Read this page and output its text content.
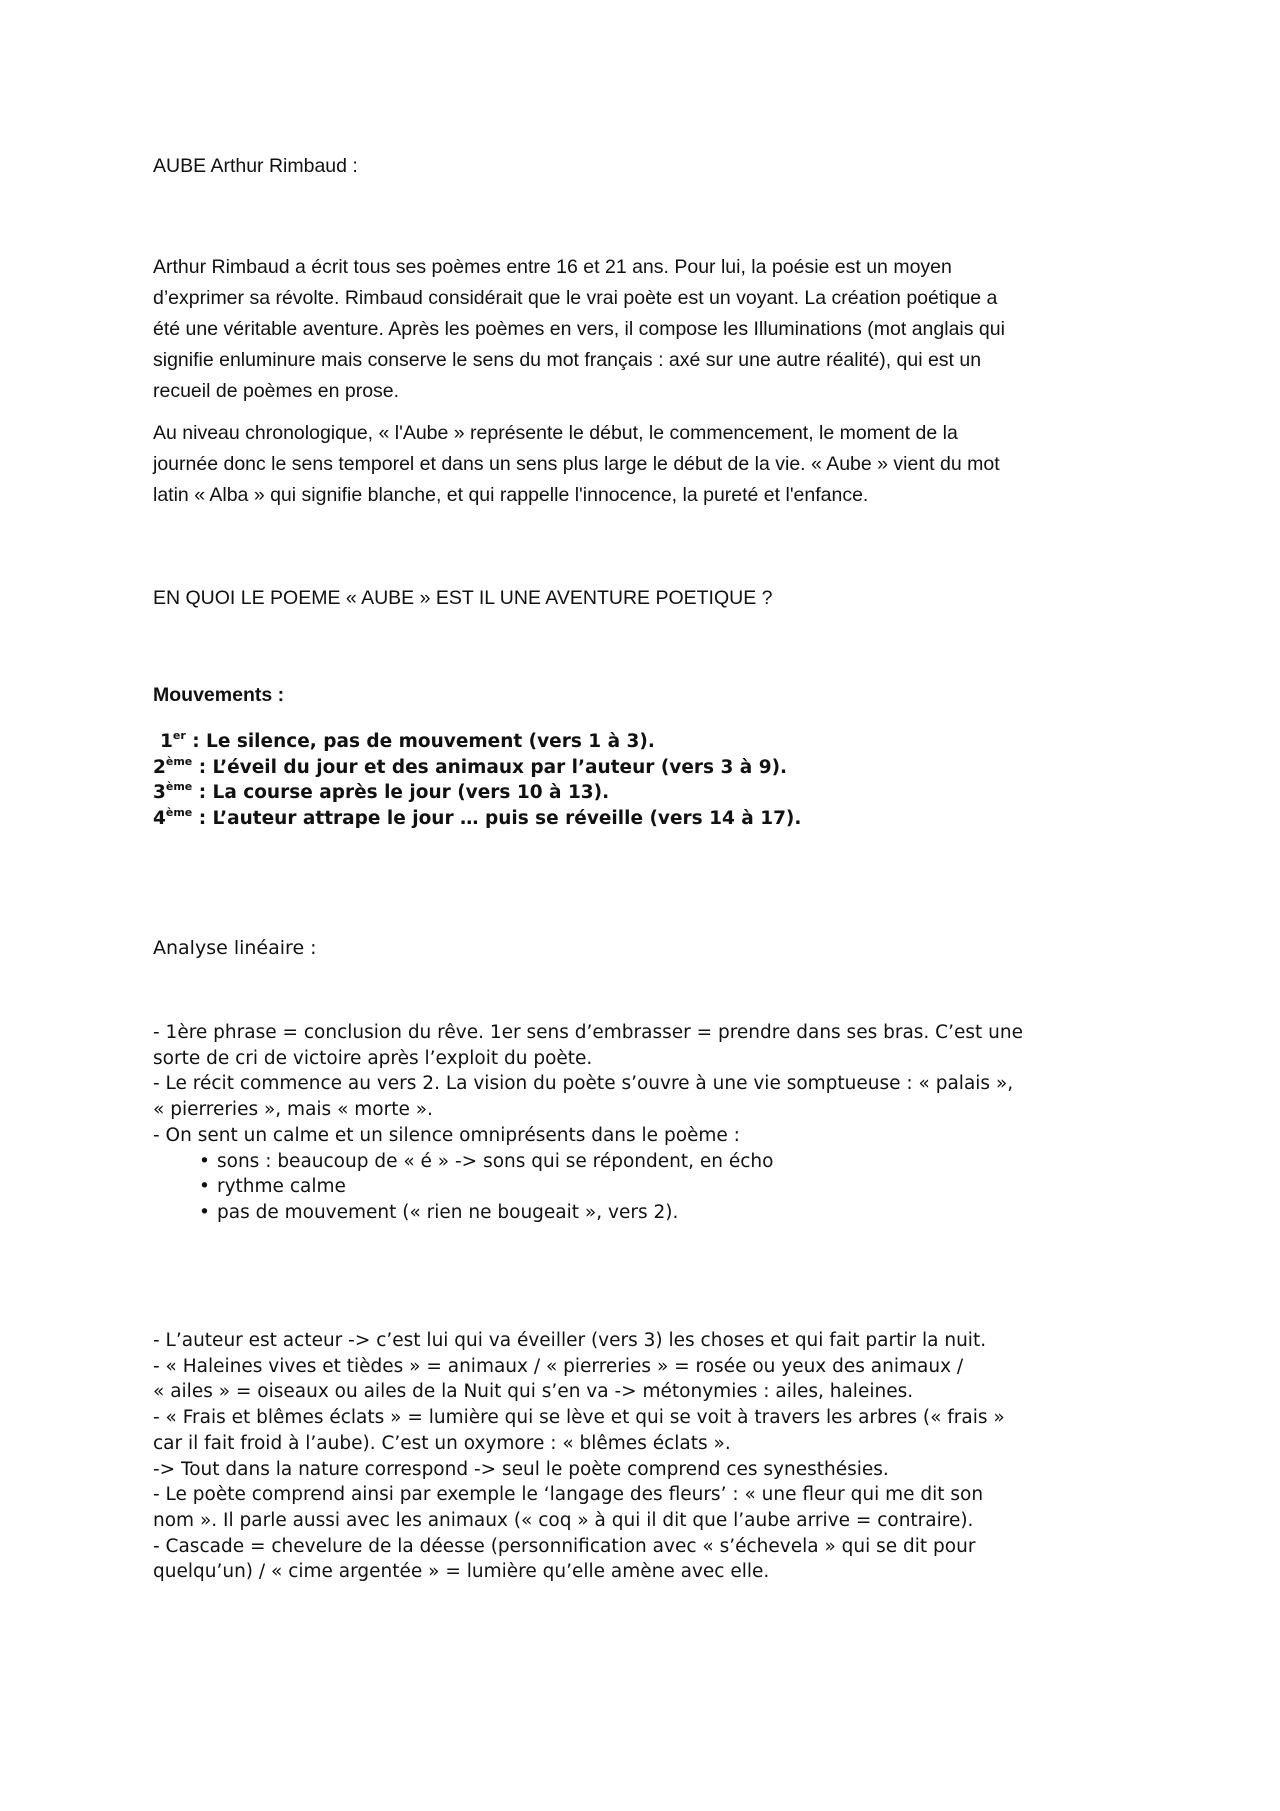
AUBE Arthur Rimbaud :

Arthur Rimbaud a écrit tous ses poèmes entre 16 et 21 ans. Pour lui, la poésie est un moyen
d’exprimer sa révolte. Rimbaud considérait que le vrai poète est un voyant. La création poétique a
été une véritable aventure. Après les poèmes en vers, il compose les Illuminations (mot anglais qui
signifie enluminure mais conserve le sens du mot français : axé sur une autre réalité), qui est un
recueil de poèmes en prose.

Au niveau chronologique, « l'Aube » représente le début, le commencement, le moment de la
journée donc le sens temporel et dans un sens plus large le début de la vie. « Aube » vient du mot
latin « Alba » qui signifie blanche, et qui rappelle l'innocence, la pureté et l'enfance.

EN QUOI LE POEME « AUBE » EST IL UNE AVENTURE POETIQUE ?
Mouvements :
1er : Le silence, pas de mouvement (vers 1 à 3).
2ème : L’éveil du jour et des animaux par l’auteur (vers 3 à 9).
3ème : La course après le jour (vers 10 à 13).
4ème : L’auteur attrape le jour … puis se réveille (vers 14 à 17).
Analyse linéaire :
- 1ère phrase = conclusion du rêve. 1er sens d’embrasser = prendre dans ses bras. C’est une
sorte de cri de victoire après l’exploit du poète.
- Le récit commence au vers 2. La vision du poète s’ouvre à une vie somptueuse : « palais »,
« pierreries », mais « morte ».
- On sent un calme et un silence omniprésents dans le poème :
• sons : beaucoup de « é » -> sons qui se répondent, en écho
• rythme calme
• pas de mouvement (« rien ne bougeait », vers 2).
- L’auteur est acteur -> c’est lui qui va éveiller (vers 3) les choses et qui fait partir la nuit.
- « Haleines vives et tièdes » = animaux / « pierreries » = rosée ou yeux des animaux /
« ailes » = oiseaux ou ailes de la Nuit qui s’en va -> métonymies : ailes, haleines.
- « Frais et blêmes éclats » = lumière qui se lève et qui se voit à travers les arbres (« frais »
car il fait froid à l’aube). C’est un oxymore : « blêmes éclats ».
-> Tout dans la nature correspond -> seul le poète comprend ces synesthésies.
- Le poète comprend ainsi par exemple le ‘langage des fleurs’ : « une fleur qui me dit son
nom ». Il parle aussi avec les animaux (« coq » à qui il dit que l’aube arrive = contraire).
- Cascade = chevelure de la déesse (personnification avec « s’échevela » qui se dit pour
quelqu’un) / « cime argentée » = lumière qu’elle amène avec elle.
